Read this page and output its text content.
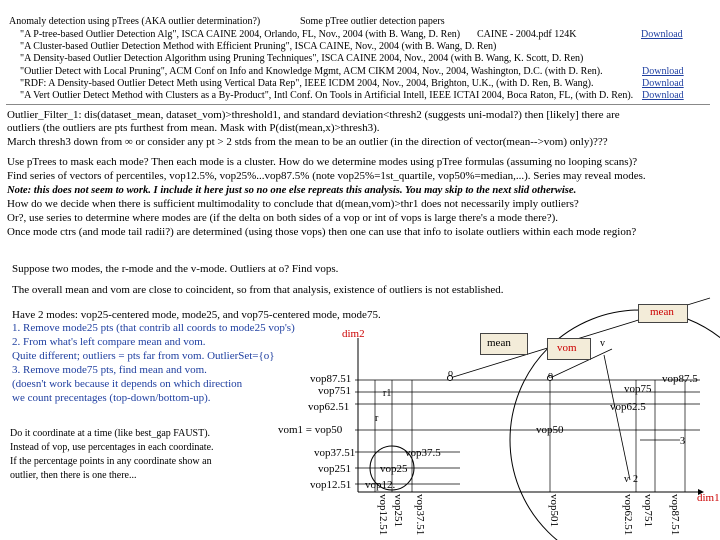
Anomaly detection using pTrees (AKA outlier determination?)	Some pTree outlier detection papers
"A P-tree-based Outlier Detection Alg", ISCA CAINE 2004, Orlando, FL, Nov., 2004 (with B. Wang, D. Ren) CAINE - 2004.pdf 124K	Download
"A Cluster-based Outlier Detection Method with Efficient Pruning", ISCA CAINE, Nov., 2004 (with B. Wang, D. Ren)
"A Density-based Outlier Detection Algorithm using Pruning Techniques", ISCA CAINE 2004, Nov., 2004 (with B. Wang, K. Scott, D. Ren)
"Outlier Detect with Local Pruning", ACM Conf on Info and Knowledge Mgmt, ACM CIKM 2004, Nov., 2004, Washington, D.C. (with D. Ren).	Download
"RDF: A Density-based Outlier Detect Meth using Vertical Data Rep", IEEE ICDM 2004, Nov., 2004, Brighton, U.K., (with D. Ren, B. Wang).	Download
"A Vert Outlier Detect Method with Clusters as a By-Product", Intl Conf. On Tools in Artificial Intell, IEEE ICTAI 2004, Boca Raton, FL, (with D. Ren). Download
Outlier_Filter_1: dis(dataset_mean, dataset_vom)>threshold1, and standard deviation<thresh2 (suggests uni-modal?) then [likely] there are
outliers (the outliers are pts furthest from mean. Mask with P(dist(mean,x)>thresh3).
March thresh3 down from ∞ or consider any pt > 2 stds from the mean to be an outlier (in the direction of vector(mean-->vom) only)???
Use pTrees to mask each mode? Then each mode is a cluster. How do we determine modes using pTree formulas (assuming no looping scans)?
Find series of vectors of percentiles, vop12.5%, vop25%...vop87.5% (note vop25%=1st_quartile, vop50%=median,...). Series may reveal modes.
Note: this does not seem to work. I include it here just so no one else repreats this analysis. You may skip to the next slid otherwise.
How do we decide when there is sufficient multimodality to conclude that d(mean,vom)>thr1 does not necessarily imply outliers?
Or?, use series to determine where modes are (if the delta on both sides of a vop or int of vops is large there's a mode there?).
Once mode ctrs (and mode tail radii?) are determined (using those vops) then one can use that info to isolate outliers within each mode region?
Suppose two modes, the r-mode and the v-mode. Outliers at o? Find vops.
The overall mean and vom are close to coincident, so from that analysis, existence of outliers is not established.
Have 2 modes: vop25-centered mode, mode25, and vop75-centered mode, mode75.
1. Remove mode25 pts (that contrib all coords to mode25 vop's)
2. From what's left compare mean and vom.
Quite different; outliers = pts far from vom. OutlierSet={o}
3. Remove mode75 pts, find mean and vom.
(doesn't work because it depends on which direction
we count precentages (top-down/bottom-up).
Do it coordinate at a time (like best_gap FAUST).
Instead of vop, use percentages in each coordinate.
If the percentage points in any coordinate show an
outlier, then there is one there...
mean
mean	vom
dim2
dim1
r1
r
v
v 2
3
o	o
vop87.51
vop751
vop62.51
vom1 = vop50
vop37.51
vop251
vop12.51
vop37.5
vop25
vop12.
vop87.5
vop75
vop62.5
vop50
vop12.51 vop251 vop37.51	vop501	vop62.51 vop751 vop87.51
